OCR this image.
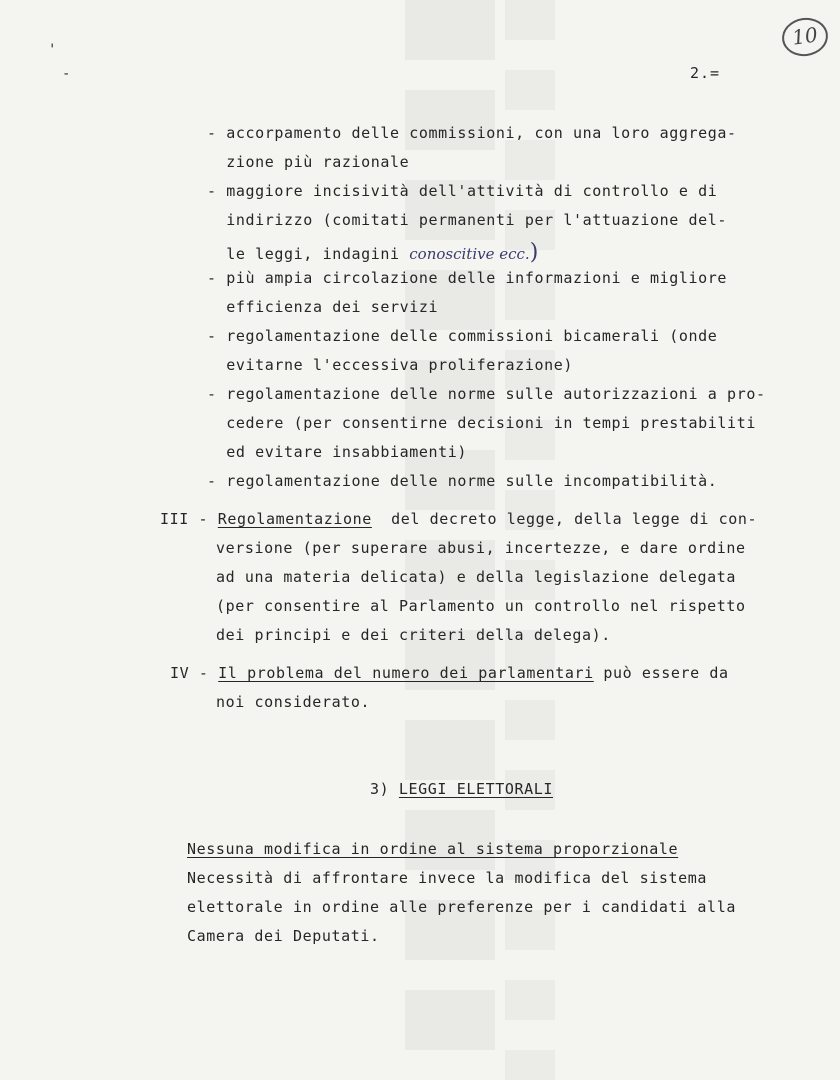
10
'
-	2.=
- accorpamento delle commissioni, con una loro aggrega-
zione più razionale
- maggiore incisività dell'attività di controllo e di
indirizzo (comitati permanenti per l'attuazione del-
le leggi, indagini conoscitive ecc.)
- più ampia circolazione delle informazioni e migliore
efficienza dei servizi
- regolamentazione delle commissioni bicamerali (onde
evitarne l'eccessiva proliferazione)
- regolamentazione delle norme sulle autorizzazioni a pro-
cedere (per consentirne decisioni in tempi prestabiliti
ed evitare insabbiamenti)
- regolamentazione delle norme sulle incompatibilità.
III - Regolamentazione  del decreto legge, della legge di con-
versione (per superare abusi, incertezze, e dare ordine
ad una materia delicata) e della legislazione delegata
(per consentire al Parlamento un controllo nel rispetto
dei principi e dei criteri della delega).
IV - Il problema del numero dei parlamentari può essere da
noi considerato.
3) LEGGI ELETTORALI
Nessuna modifica in ordine al sistema proporzionale
Necessità di affrontare invece la modifica del sistema
elettorale in ordine alle preferenze per i candidati alla
Camera dei Deputati.
